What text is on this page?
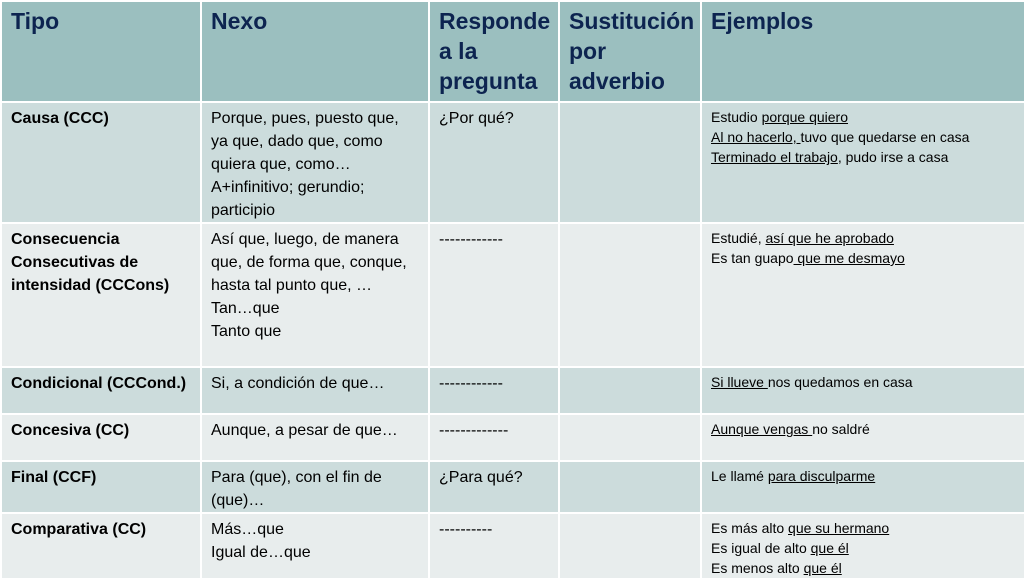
Tipo	Nexo	Responde a la pregunta	Sustitución por adverbio	Ejemplos

Causa (CCC)	Porque, pues, puesto que, ya que, dado que, como quiera que, como… A+infinitivo; gerundio; participio	¿Por qué?		Estudio porque quiero
Al no hacerlo, tuvo que quedarse en casa
Terminado el trabajo, pudo irse a casa

Consecuencia
Consecutivas de intensidad (CCCons)	Así que, luego, de manera que, de forma que, conque, hasta tal punto que, …
Tan…que
Tanto que	------------		Estudié, así que he aprobado
Es tan guapo que me desmayo

Condicional (CCCond.)	Si, a condición de que…	------------		Si llueve nos quedamos en casa

Concesiva (CC)	Aunque, a pesar de que…	-------------		Aunque vengas no saldré

Final (CCF)	Para (que), con el fin de (que)…	¿Para qué?		Le llamé para disculparme

Comparativa (CC)	Más…que
Igual de…que	----------		Es más alto que su hermano
Es igual de alto que él
Es menos alto que él
